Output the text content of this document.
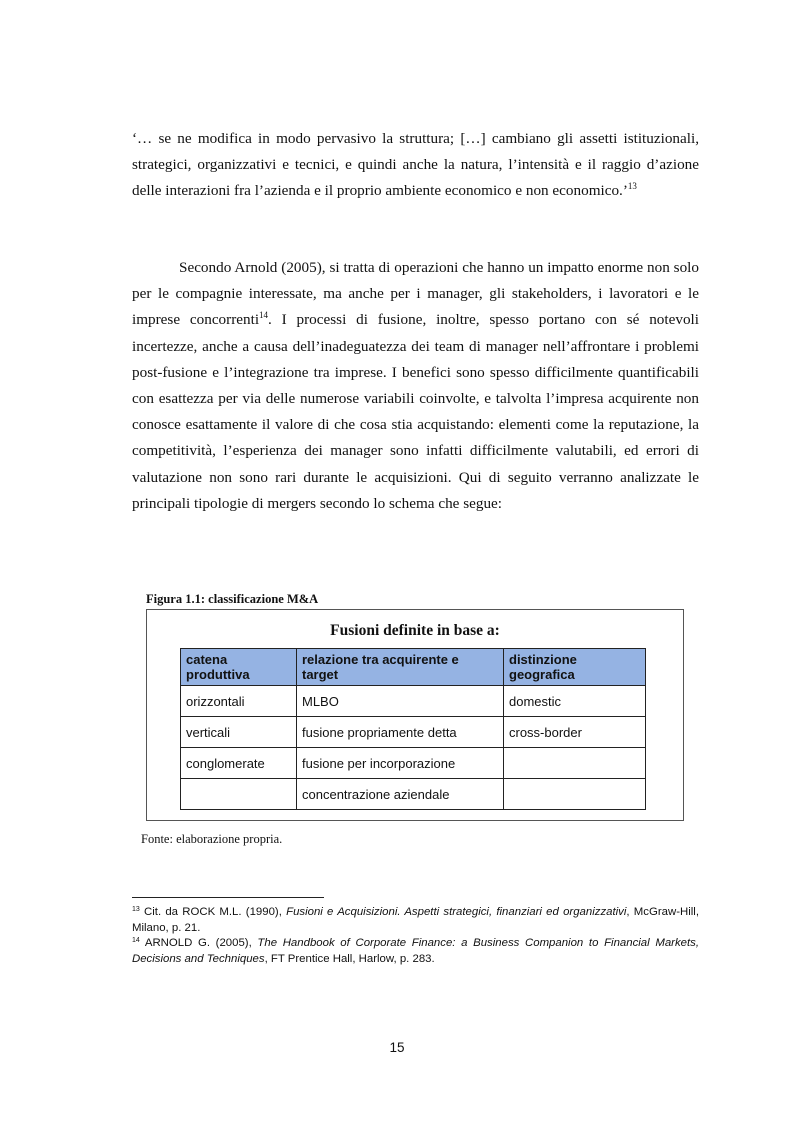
‘… se ne modifica in modo pervasivo la struttura; […] cambiano gli assetti istituzionali, strategici, organizzativi e tecnici, e quindi anche la natura, l’intensità e il raggio d’azione delle interazioni fra l’azienda e il proprio ambiente economico e non economico.’$^{13}$

Secondo Arnold (2005), si tratta di operazioni che hanno un impatto enorme non solo per le compagnie interessate, ma anche per i manager, gli stakeholders, i lavoratori e le imprese concorrenti$^{14}$. I processi di fusione, inoltre, spesso portano con sé notevoli incertezze, anche a causa dell’inadeguatezza dei team di manager nell’affrontare i problemi post-fusione e l’integrazione tra imprese. I benefici sono spesso difficilmente quantificabili con esattezza per via delle numerose variabili coinvolte, e talvolta l’impresa acquirente non conosce esattamente il valore di che cosa stia acquistando: elementi come la reputazione, la competitività, l’esperienza dei manager sono infatti difficilmente valutabili, ed errori di valutazione non sono rari durante le acquisizioni. Qui di seguito verranno analizzate le principali tipologie di mergers secondo lo schema che segue:

Figura 1.1: classificazione M&A
Fusioni definite in base a:
catena produttiva	relazione tra acquirente e target	distinzione geografica
orizzontali	MLBO	domestic
verticali	fusione propriamente detta	cross-border
conglomerate	fusione per incorporazione	
	concentrazione aziendale	
Fonte: elaborazione propria.

$^{13}$ Cit. da ROCK M.L. (1990), Fusioni e Acquisizioni. Aspetti strategici, finanziari ed organizzativi, McGraw-Hill, Milano, p. 21.

$^{14}$ ARNOLD G. (2005), The Handbook of Corporate Finance: a Business Companion to Financial Markets, Decisions and Techniques, FT Prentice Hall, Harlow, p. 283.

15
